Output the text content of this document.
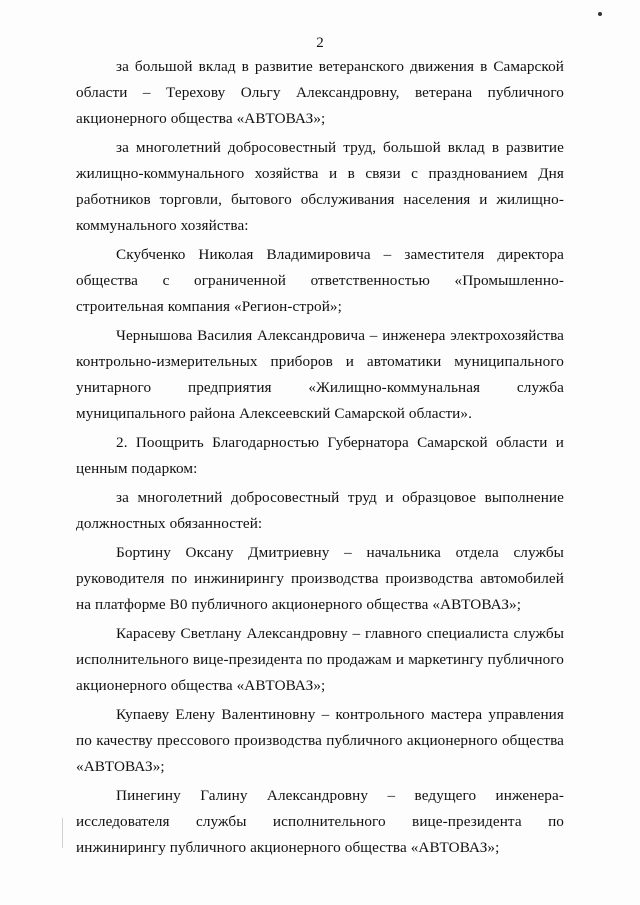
2

за большой вклад в развитие ветеранского движения в Самарской области – Терехову Ольгу Александровну, ветерана публичного акционерного общества «АВТОВАЗ»;

за многолетний добросовестный труд, большой вклад в развитие жилищно-коммунального хозяйства и в связи с празднованием Дня работников торговли, бытового обслуживания населения и жилищно-коммунального хозяйства:

Скубченко Николая Владимировича – заместителя директора общества с ограниченной ответственностью «Промышленно-строительная компания «Регион-строй»;

Чернышова Василия Александровича – инженера электрохозяйства контрольно-измерительных приборов и автоматики муниципального унитарного предприятия «Жилищно-коммунальная служба муниципального района Алексеевский Самарской области».

2. Поощрить Благодарностью Губернатора Самарской области и ценным подарком:

за многолетний добросовестный труд и образцовое выполнение должностных обязанностей:

Бортину Оксану Дмитриевну – начальника отдела службы руководителя по инжинирингу производства производства автомобилей на платформе В0 публичного акционерного общества «АВТОВАЗ»;

Карасеву Светлану Александровну – главного специалиста службы исполнительного вице-президента по продажам и маркетингу публичного акционерного общества «АВТОВАЗ»;

Купаеву Елену Валентиновну – контрольного мастера управления по качеству прессового производства публичного акционерного общества «АВТОВАЗ»;

Пинегину Галину Александровну – ведущего инженера-исследователя службы исполнительного вице-президента по инжинирингу публичного акционерного общества «АВТОВАЗ»;
